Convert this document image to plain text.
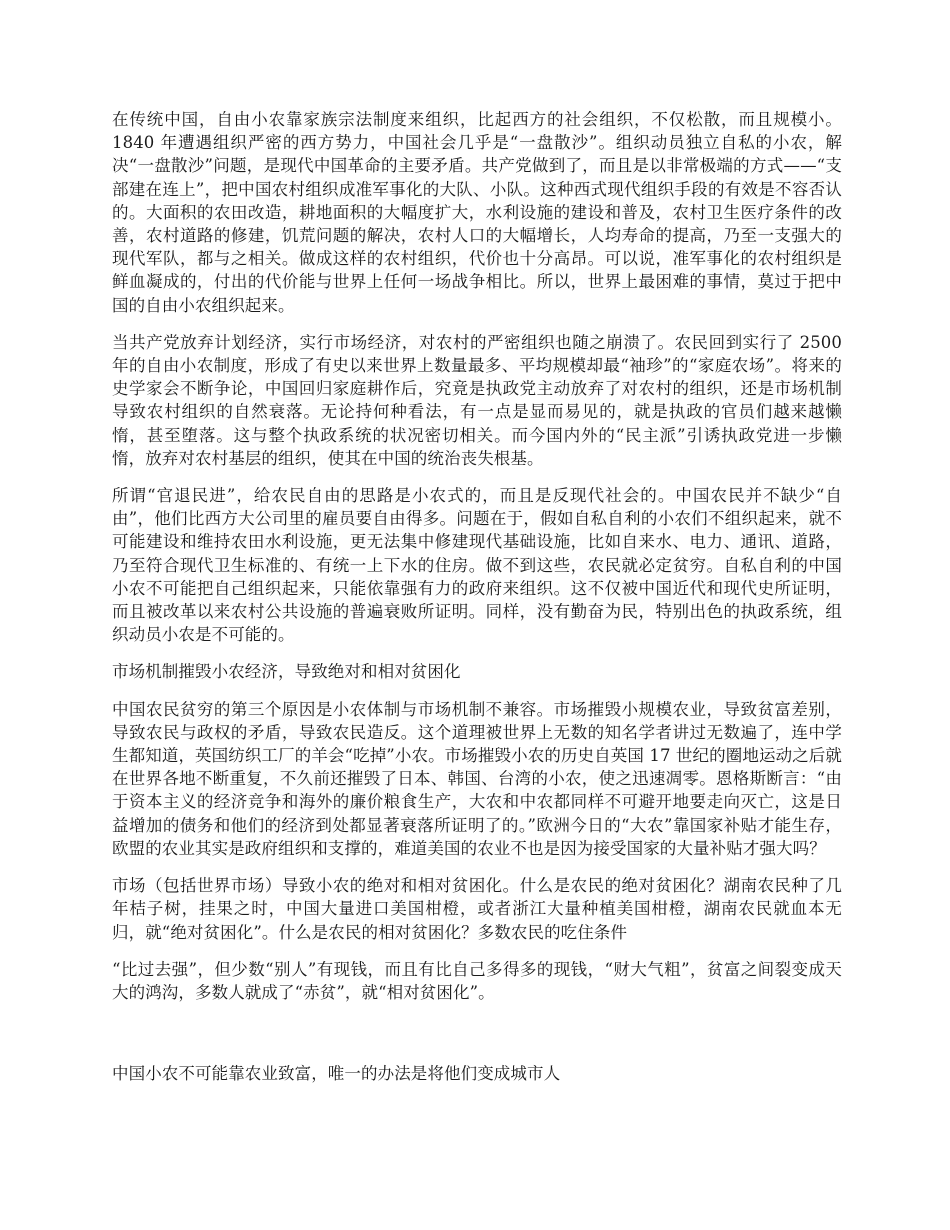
在传统中国，自由小农靠家族宗法制度来组织，比起西方的社会组织，不仅松散，而且规模小。1840 年遭遇组织严密的西方势力，中国社会几乎是“一盘散沙”。组织动员独立自私的小农，解决“一盘散沙”问题，是现代中国革命的主要矛盾。共产党做到了，而且是以非常极端的方式——“支部建在连上”，把中国农村组织成准军事化的大队、小队。这种西式现代组织手段的有效是不容否认的。大面积的农田改造，耕地面积的大幅度扩大，水利设施的建设和普及，农村卫生医疗条件的改善，农村道路的修建，饥荒问题的解决，农村人口的大幅增长，人均寿命的提高，乃至一支强大的现代军队，都与之相关。做成这样的农村组织，代价也十分高昂。可以说，准军事化的农村组织是鲜血凝成的，付出的代价能与世界上任何一场战争相比。所以，世界上最困难的事情，莫过于把中国的自由小农组织起来。

当共产党放弃计划经济，实行市场经济，对农村的严密组织也随之崩溃了。农民回到实行了 2500 年的自由小农制度，形成了有史以来世界上数量最多、平均规模却最“袖珍”的“家庭农场”。将来的史学家会不断争论，中国回归家庭耕作后，究竟是执政党主动放弃了对农村的组织，还是市场机制导致农村组织的自然衰落。无论持何种看法，有一点是显而易见的，就是执政的官员们越来越懒惰，甚至堕落。这与整个执政系统的状况密切相关。而今国内外的“民主派”引诱执政党进一步懒惰，放弃对农村基层的组织，使其在中国的统治丧失根基。

所谓“官退民进”，给农民自由的思路是小农式的，而且是反现代社会的。中国农民并不缺少“自由”，他们比西方大公司里的雇员要自由得多。问题在于，假如自私自利的小农们不组织起来，就不可能建设和维持农田水利设施，更无法集中修建现代基础设施，比如自来水、电力、通讯、道路，乃至符合现代卫生标准的、有统一上下水的住房。做不到这些，农民就必定贫穷。自私自利的中国小农不可能把自己组织起来，只能依靠强有力的政府来组织。这不仅被中国近代和现代史所证明，而且被改革以来农村公共设施的普遍衰败所证明。同样，没有勤奋为民，特别出色的执政系统，组织动员小农是不可能的。

市场机制摧毁小农经济，导致绝对和相对贫困化

中国农民贫穷的第三个原因是小农体制与市场机制不兼容。市场摧毁小规模农业，导致贫富差别，导致农民与政权的矛盾，导致农民造反。这个道理被世界上无数的知名学者讲过无数遍了，连中学生都知道，英国纺织工厂的羊会“吃掉”小农。市场摧毁小农的历史自英国 17 世纪的圈地运动之后就在世界各地不断重复，不久前还摧毁了日本、韩国、台湾的小农，使之迅速凋零。恩格斯断言：“由于资本主义的经济竞争和海外的廉价粮食生产，大农和中农都同样不可避开地要走向灭亡，这是日益增加的债务和他们的经济到处都显著衰落所证明了的。”欧洲今日的“大农”靠国家补贴才能生存，欧盟的农业其实是政府组织和支撑的，难道美国的农业不也是因为接受国家的大量补贴才强大吗？

市场（包括世界市场）导致小农的绝对和相对贫困化。什么是农民的绝对贫困化？湖南农民种了几年桔子树，挂果之时，中国大量进口美国柑橙，或者浙江大量种植美国柑橙，湖南农民就血本无归，就“绝对贫困化”。什么是农民的相对贫困化？多数农民的吃住条件

“比过去强”，但少数“别人”有现钱，而且有比自己多得多的现钱，“财大气粗”，贫富之间裂变成天大的鸿沟，多数人就成了“赤贫”，就“相对贫困化”。

中国小农不可能靠农业致富，唯一的办法是将他们变成城市人
